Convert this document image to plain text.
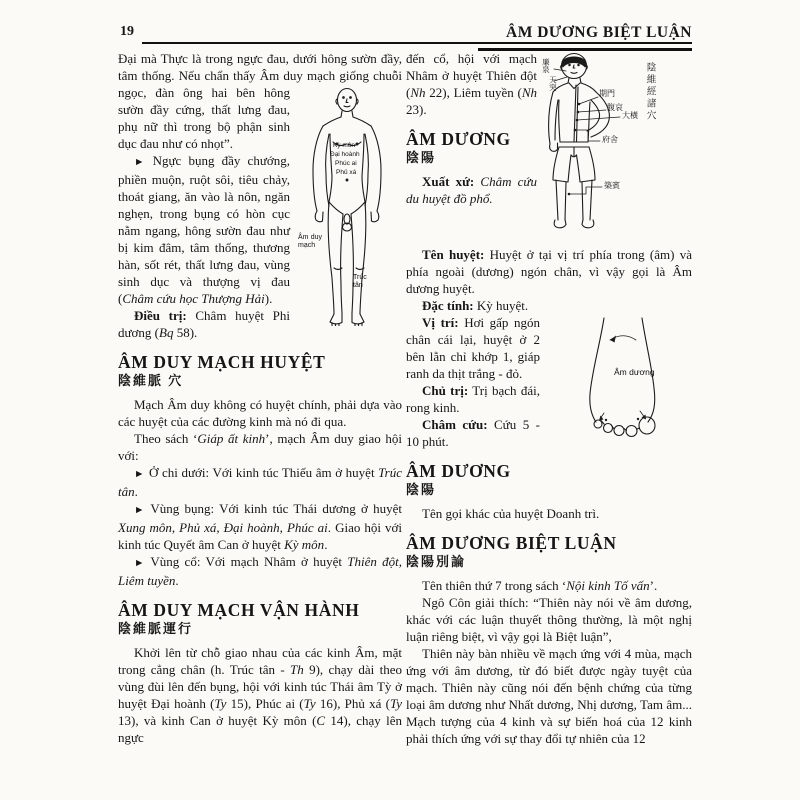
19	ÂM DƯƠNG BIỆT LUẬN

Đại mà Thực là trong ngực đau, dưới hông sườn đầy, tâm thống. Nếu chẩn thấy Âm duy mạch giống chuỗi ngọc, đàn ông hai bên hông
Kỳ môn
Đại hoành
Phúc ai
Phủ xá
Âm duy mạch
Trúc tân
sườn đầy cứng, thất lưng đau, phụ nữ thì trong bộ phận sinh dục đau như có nhọt”.

► Ngực bụng đầy chướng, phiền muộn, ruột sôi, tiêu chảy, thoát giang, ăn vào là nôn, ngăn nghẹn, trong bụng có hòn cục nằm ngang, hông sườn đau như bị kim đâm, tâm thống, thương hàn, sốt rét, thất lưng đau, vùng sinh dục và thượng vị đau (Châm cứu học Thượng Hải).

Điều trị: Châm huyệt Phi dương (Bq 58).

ÂM DUY MẠCH HUYỆT
陰維脈 穴

Mạch Âm duy không có huyệt chính, phải dựa vào các huyệt của các đường kinh mà nó đi qua.

Theo sách ‘Giáp ất kinh’, mạch Âm duy giao hội với:

► Ở chi dưới: Với kinh túc Thiếu âm ở huyệt Trúc tân.

► Vùng bụng: Với kinh túc Thái dương ở huyệt Xung môn, Phủ xá, Đại hoành, Phúc ai. Giao hội với kinh túc Quyết âm Can ở huyệt Kỳ môn.

► Vùng cổ: Với mạch Nhâm ở huyệt Thiên đột, Liêm tuyền.

ÂM DUY MẠCH VẬN HÀNH
陰維脈運行

Khởi lên từ chỗ giao nhau của các kinh Âm, mặt trong cẳng chân (h. Trúc tân - Th 9), chạy dài theo vùng đùi lên đến bụng, hội với kinh túc Thái âm Tỳ ở huyệt Đại hoành (Ty 15), Phúc ai (Ty 16), Phủ xá (Ty 13), và kinh Can ở huyệt Kỳ môn (C 14), chạy lên ngực

廉泉
天突
期門
腹哀
大橫
府舍
築賓
陰維經諸穴
đến cổ, hội với mạch Nhâm ở huyệt Thiên đột (Nh 22), Liêm tuyền (Nh 23).

ÂM DƯƠNG
陰陽

Xuất xứ: Châm cứu du huyệt đồ phổ.

Tên huyệt: Huyệt ở tại vị trí phía trong (âm) và phía ngoài (dương) ngón chân, vì vậy gọi là Âm dương huyệt.

Đặc tính: Kỳ huyệt.

Âm dương
Vị trí: Hơi gấp ngón chân cái lại, huyệt ở 2 bên lằn chỉ khớp 1, giáp ranh da thịt trắng - đỏ.

Chủ trị: Trị bạch đái, rong kinh.

Châm cứu: Cứu 5 - 10 phút.

ÂM DƯƠNG
陰陽

Tên gọi khác của huyệt Doanh trì.

ÂM DƯƠNG BIỆT LUẬN
陰陽別論

Tên thiên thứ 7 trong sách ‘Nội kinh Tố vấn’.

Ngô Côn giải thích: “Thiên này nói về âm dương, khác với các luận thuyết thông thường, là một nghị luận riêng biệt, vì vậy gọi là Biệt luận”,

Thiên này bàn nhiều về mạch ứng với 4 mùa, mạch ứng với âm dương, từ đó biết được ngày tuyệt của mạch. Thiên này cũng nói đến bệnh chứng của từng loại âm dương như Nhất dương, Nhị dương, Tam âm... Mạch tượng của 4 kinh và sự biến hoá của 12 kinh phải thích ứng với sự thay đổi tự nhiên của 12
